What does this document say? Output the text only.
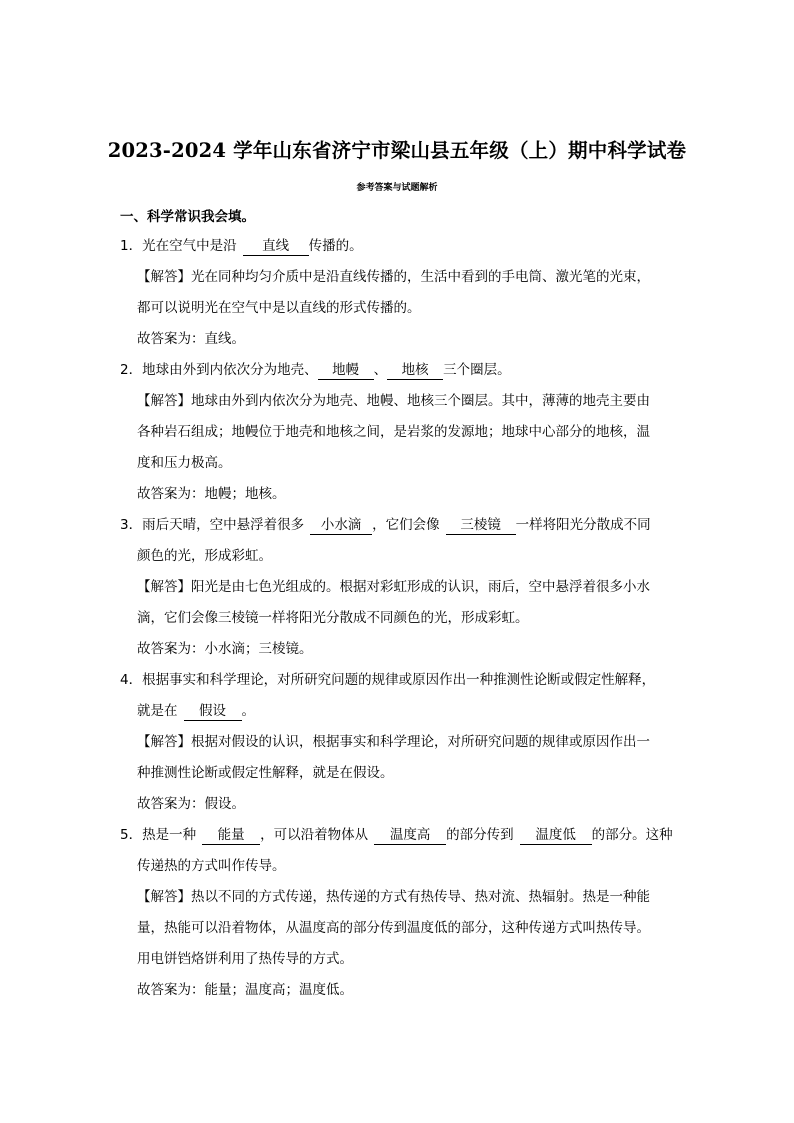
2023-2024 学年山东省济宁市梁山县五年级（上）期中科学试卷
参考答案与试题解析
一、科学常识我会填。
1．光在空气中是沿 直线 传播的。
【解答】光在同种均匀介质中是沿直线传播的，生活中看到的手电筒、激光笔的光束，
都可以说明光在空气中是以直线的形式传播的。
故答案为：直线。
2．地球由外到内依次分为地壳、 地幔 、 地核 三个圈层。
【解答】地球由外到内依次分为地壳、地幔、地核三个圈层。其中，薄薄的地壳主要由
各种岩石组成；地幔位于地壳和地核之间，是岩浆的发源地；地球中心部分的地核，温
度和压力极高。
故答案为：地幔；地核。
3．雨后天晴，空中悬浮着很多 小水滴 ，它们会像 三棱镜 一样将阳光分散成不同
颜色的光，形成彩虹。
【解答】阳光是由七色光组成的。根据对彩虹形成的认识，雨后，空中悬浮着很多小水
滴，它们会像三棱镜一样将阳光分散成不同颜色的光，形成彩虹。
故答案为：小水滴；三棱镜。
4．根据事实和科学理论，对所研究问题的规律或原因作出一种推测性论断或假定性解释，
就是在 假设 。
【解答】根据对假设的认识，根据事实和科学理论，对所研究问题的规律或原因作出一
种推测性论断或假定性解释，就是在假设。
故答案为：假设。
5．热是一种 能量 ，可以沿着物体从 温度高 的部分传到 温度低 的部分。这种
传递热的方式叫作传导。
【解答】热以不同的方式传递，热传递的方式有热传导、热对流、热辐射。热是一种能
量，热能可以沿着物体，从温度高的部分传到温度低的部分，这种传递方式叫热传导。
用电饼铛烙饼利用了热传导的方式。
故答案为：能量；温度高；温度低。
